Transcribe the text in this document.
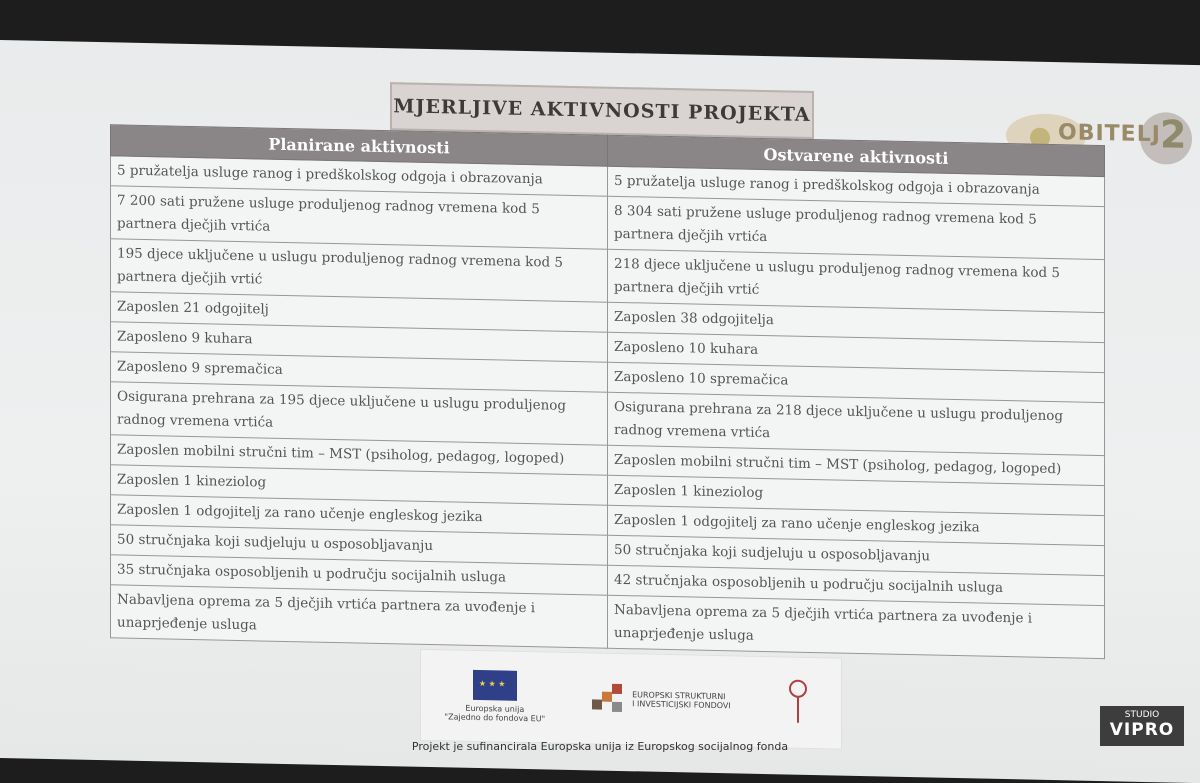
MJERLJIVE AKTIVNOSTI PROJEKTA
OBITELJ 2
Planirane aktivnosti	Ostvarene aktivnosti
5 pružatelja usluge ranog i predškolskog odgoja i obrazovanja	5 pružatelja usluge ranog i predškolskog odgoja i obrazovanja
7 200 sati pružene usluge produljenog radnog vremena kod 5 partnera dječjih vrtića	8 304 sati pružene usluge produljenog radnog vremena kod 5 partnera dječjih vrtića
195 djece uključene u uslugu produljenog radnog vremena kod 5 partnera dječjih vrtić	218 djece uključene u uslugu produljenog radnog vremena kod 5 partnera dječjih vrtić
Zaposlen 21 odgojitelj	Zaposlen 38 odgojitelja
Zaposleno 9 kuhara	Zaposleno 10 kuhara
Zaposleno 9 spremačica	Zaposleno 10 spremačica
Osigurana prehrana za 195 djece uključene u uslugu produljenog radnog vremena vrtića	Osigurana prehrana za 218 djece uključene u uslugu produljenog radnog vremena vrtića
Zaposlen mobilni stručni tim – MST (psiholog, pedagog, logoped)	Zaposlen mobilni stručni tim – MST (psiholog, pedagog, logoped)
Zaposlen 1 kineziolog	Zaposlen 1 kineziolog
Zaposlen 1 odgojitelj za rano učenje engleskog jezika	Zaposlen 1 odgojitelj za rano učenje engleskog jezika
50 stručnjaka koji sudjeluju u osposobljavanju	50 stručnjaka koji sudjeluju u osposobljavanju
35 stručnjaka osposobljenih u području socijalnih usluga	42 stručnjaka osposobljenih u području socijalnih usluga
Nabavljena oprema za 5 dječjih vrtića partnera za uvođenje i unaprjeđenje usluga	Nabavljena oprema za 5 dječjih vrtića partnera za uvođenje i unaprjeđenje usluga
★ ★ ★
Europska unija
"Zajedno do fondova EU"
EUROPSKI STRUKTURNI
I INVESTICIJSKI FONDOVI
Projekt je sufinancirala Europska unija iz Europskog socijalnog fonda
STUDIO
VIPRO
